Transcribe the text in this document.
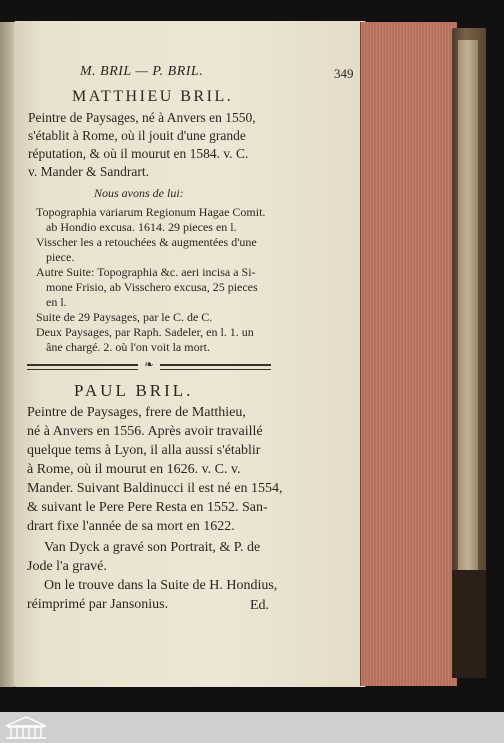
M. BRIL — P. BRIL.	349
MATTHIEU BRIL.
Peintre de Paysages, né à Anvers en 1550,
s'établit à Rome, où il jouit d'une grande
réputation, & où il mourut en 1584. v. C.
v. Mander & Sandrart.
Nous avons de lui:
Topographia variarum Regionum Hagae Comit.
ab Hondio excusa. 1614. 29 pieces en l.
Visscher les a retouchées & augmentées d'une
piece.
Autre Suite: Topographia &c. aeri incisa a Si-
mone Frisio, ab Visschero excusa, 25 pieces
en l.
Suite de 29 Paysages, par le C. de C.
Deux Paysages, par Raph. Sadeler, en l. 1. un
âne chargé. 2. où l'on voit la mort.
❧
PAUL BRIL.
Peintre de Paysages, frere de Matthieu,
né à Anvers en 1556. Après avoir travaillé
quelque tems à Lyon, il alla aussi s'établir
à Rome, où il mourut en 1626. v. C. v.
Mander. Suivant Baldinucci il est né en 1554,
& suivant le Pere Pere Resta en 1552. San-
drart fixe l'année de sa mort en 1622.
Van Dyck a gravé son Portrait, & P. de
Jode l'a gravé.
On le trouve dans la Suite de H. Hondius,
réimprimé par Jansonius.	Ed.
